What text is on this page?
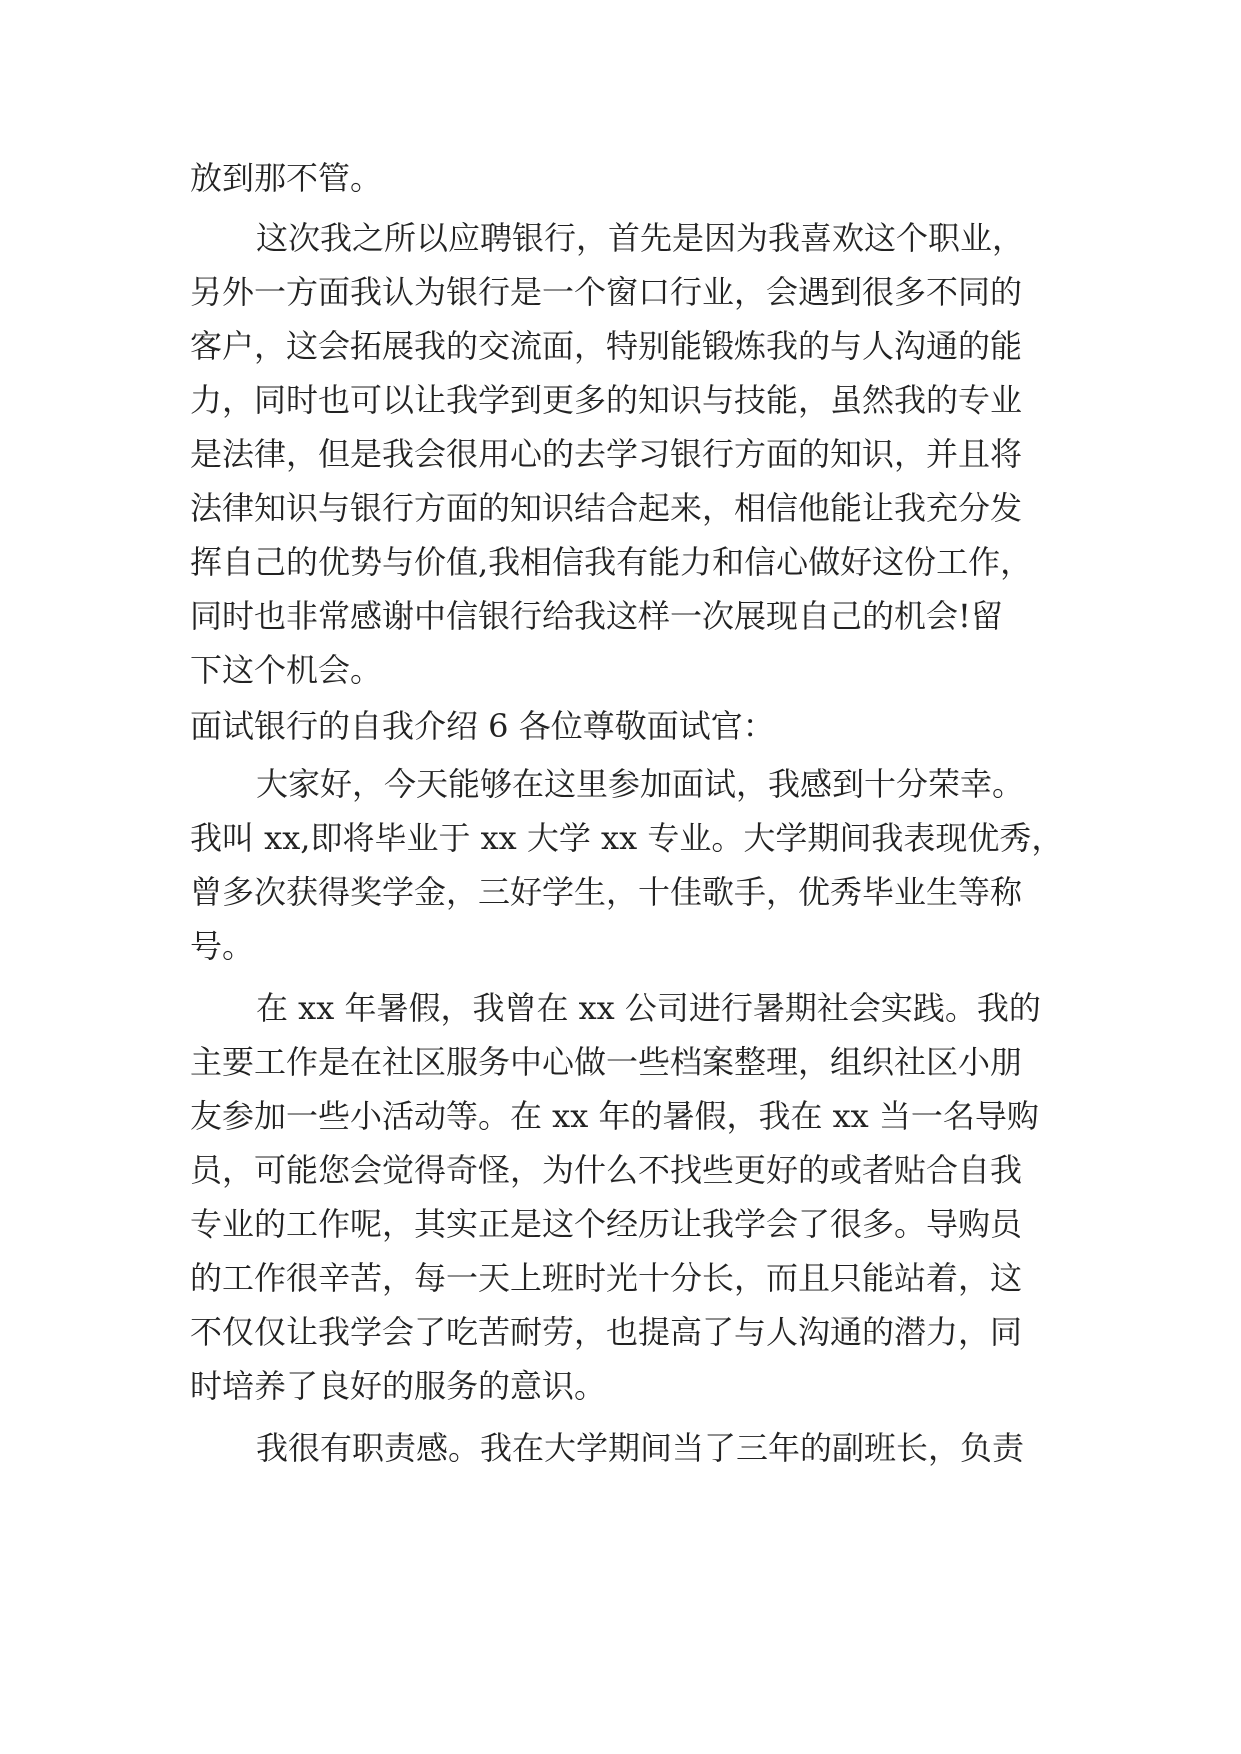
放到那不管。

这次我之所以应聘银行，首先是因为我喜欢这个职业，

另外一方面我认为银行是一个窗口行业，会遇到很多不同的

客户，这会拓展我的交流面，特别能锻炼我的与人沟通的能

力，同时也可以让我学到更多的知识与技能，虽然我的专业

是法律，但是我会很用心的去学习银行方面的知识，并且将

法律知识与银行方面的知识结合起来，相信他能让我充分发

挥自己的优势与价值,我相信我有能力和信心做好这份工作，

同时也非常感谢中信银行给我这样一次展现自己的机会!留

下这个机会。

面试银行的自我介绍 6 各位尊敬面试官：

大家好，今天能够在这里参加面试，我感到十分荣幸。

我叫 xx,即将毕业于 xx 大学 xx 专业。大学期间我表现优秀，

曾多次获得奖学金，三好学生，十佳歌手，优秀毕业生等称

号。

在 xx 年暑假，我曾在 xx 公司进行暑期社会实践。我的

主要工作是在社区服务中心做一些档案整理，组织社区小朋

友参加一些小活动等。在 xx 年的暑假，我在 xx 当一名导购

员，可能您会觉得奇怪，为什么不找些更好的或者贴合自我

专业的工作呢，其实正是这个经历让我学会了很多。导购员

的工作很辛苦，每一天上班时光十分长，而且只能站着，这

不仅仅让我学会了吃苦耐劳，也提高了与人沟通的潜力，同

时培养了良好的服务的意识。

我很有职责感。我在大学期间当了三年的副班长，负责
